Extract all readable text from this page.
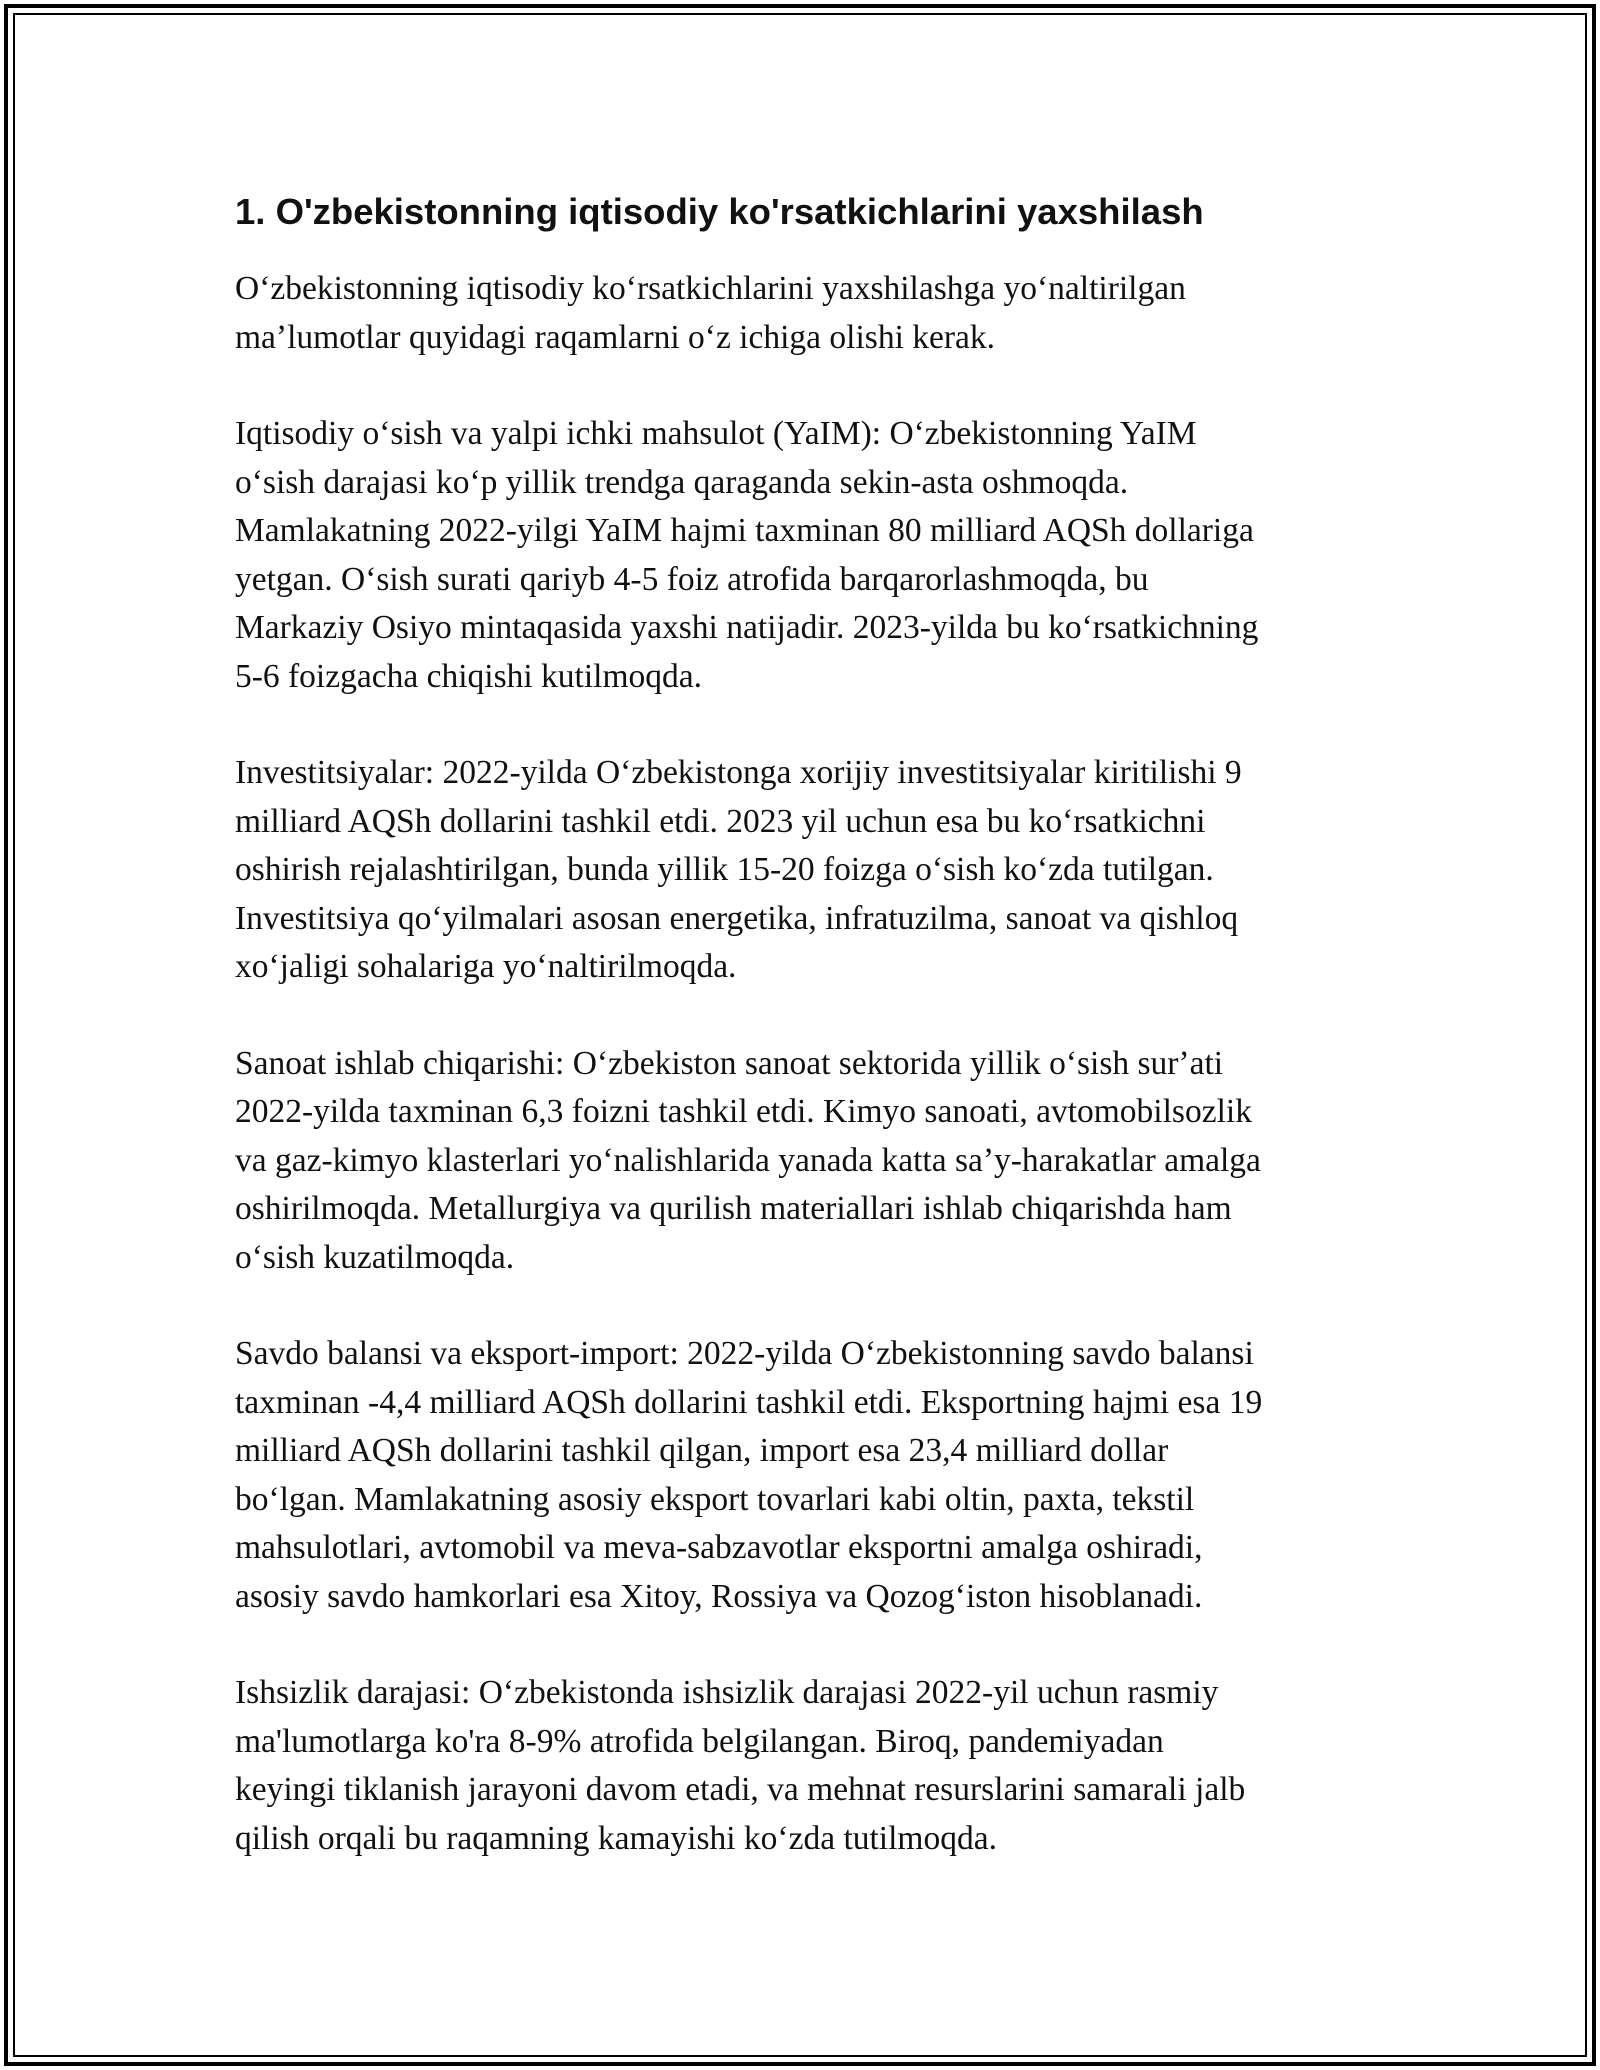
1. O'zbekistonning iqtisodiy ko'rsatkichlarini yaxshilash

Oʻzbekistonning iqtisodiy koʻrsatkichlarini yaxshilashga yoʻnaltirilgan
maʼlumotlar quyidagi raqamlarni oʻz ichiga olishi kerak.

Iqtisodiy oʻsish va yalpi ichki mahsulot (YaIM): Oʻzbekistonning YaIM
oʻsish darajasi koʻp yillik trendga qaraganda sekin-asta oshmoqda.
Mamlakatning 2022-yilgi YaIM hajmi taxminan 80 milliard AQSh dollariga
yetgan. Oʻsish surati qariyb 4-5 foiz atrofida barqarorlashmoqda, bu
Markaziy Osiyo mintaqasida yaxshi natijadir. 2023-yilda bu koʻrsatkichning
5-6 foizgacha chiqishi kutilmoqda.

Investitsiyalar: 2022-yilda Oʻzbekistonga xorijiy investitsiyalar kiritilishi 9
milliard AQSh dollarini tashkil etdi. 2023 yil uchun esa bu koʻrsatkichni
oshirish rejalashtirilgan, bunda yillik 15-20 foizga oʻsish koʻzda tutilgan.
Investitsiya qoʻyilmalari asosan energetika, infratuzilma, sanoat va qishloq
xoʻjaligi sohalariga yoʻnaltirilmoqda.

Sanoat ishlab chiqarishi: Oʻzbekiston sanoat sektorida yillik oʻsish surʼati
2022-yilda taxminan 6,3 foizni tashkil etdi. Kimyo sanoati, avtomobilsozlik
va gaz-kimyo klasterlari yoʻnalishlarida yanada katta saʼy-harakatlar amalga
oshirilmoqda. Metallurgiya va qurilish materiallari ishlab chiqarishda ham
oʻsish kuzatilmoqda.

Savdo balansi va eksport-import: 2022-yilda Oʻzbekistonning savdo balansi
taxminan -4,4 milliard AQSh dollarini tashkil etdi. Eksportning hajmi esa 19
milliard AQSh dollarini tashkil qilgan, import esa 23,4 milliard dollar
boʻlgan. Mamlakatning asosiy eksport tovarlari kabi oltin, paxta, tekstil
mahsulotlari, avtomobil va meva-sabzavotlar eksportni amalga oshiradi,
asosiy savdo hamkorlari esa Xitoy, Rossiya va Qozogʻiston hisoblanadi.

Ishsizlik darajasi: Oʻzbekistonda ishsizlik darajasi 2022-yil uchun rasmiy
ma'lumotlarga ko'ra 8-9% atrofida belgilangan. Biroq, pandemiyadan
keyingi tiklanish jarayoni davom etadi, va mehnat resurslarini samarali jalb
qilish orqali bu raqamning kamayishi koʻzda tutilmoqda.
